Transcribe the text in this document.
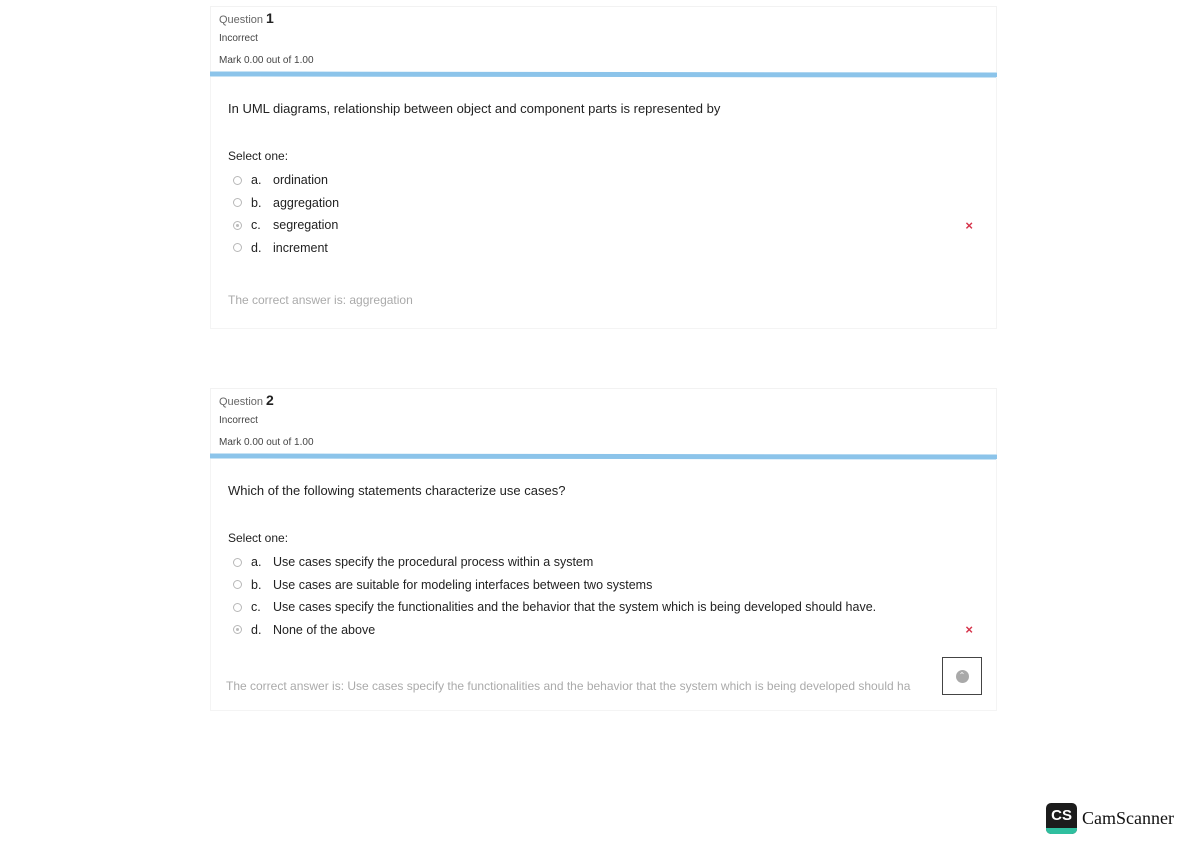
Question 1
Incorrect
Mark 0.00 out of 1.00
In UML diagrams, relationship between object and component parts is represented by
Select one:
a. ordination
b. aggregation
c. segregation	×
d. increment
The correct answer is: aggregation
Question 2
Incorrect
Mark 0.00 out of 1.00
Which of the following statements characterize use cases?
Select one:
a. Use cases specify the procedural process within a system
b. Use cases are suitable for modeling interfaces between two systems
c. Use cases specify the functionalities and the behavior that the system which is being developed should have.
d. None of the above	×
The correct answer is: Use cases specify the functionalities and the behavior that the system which is being developed should ha
⌃
CS CamScanner
